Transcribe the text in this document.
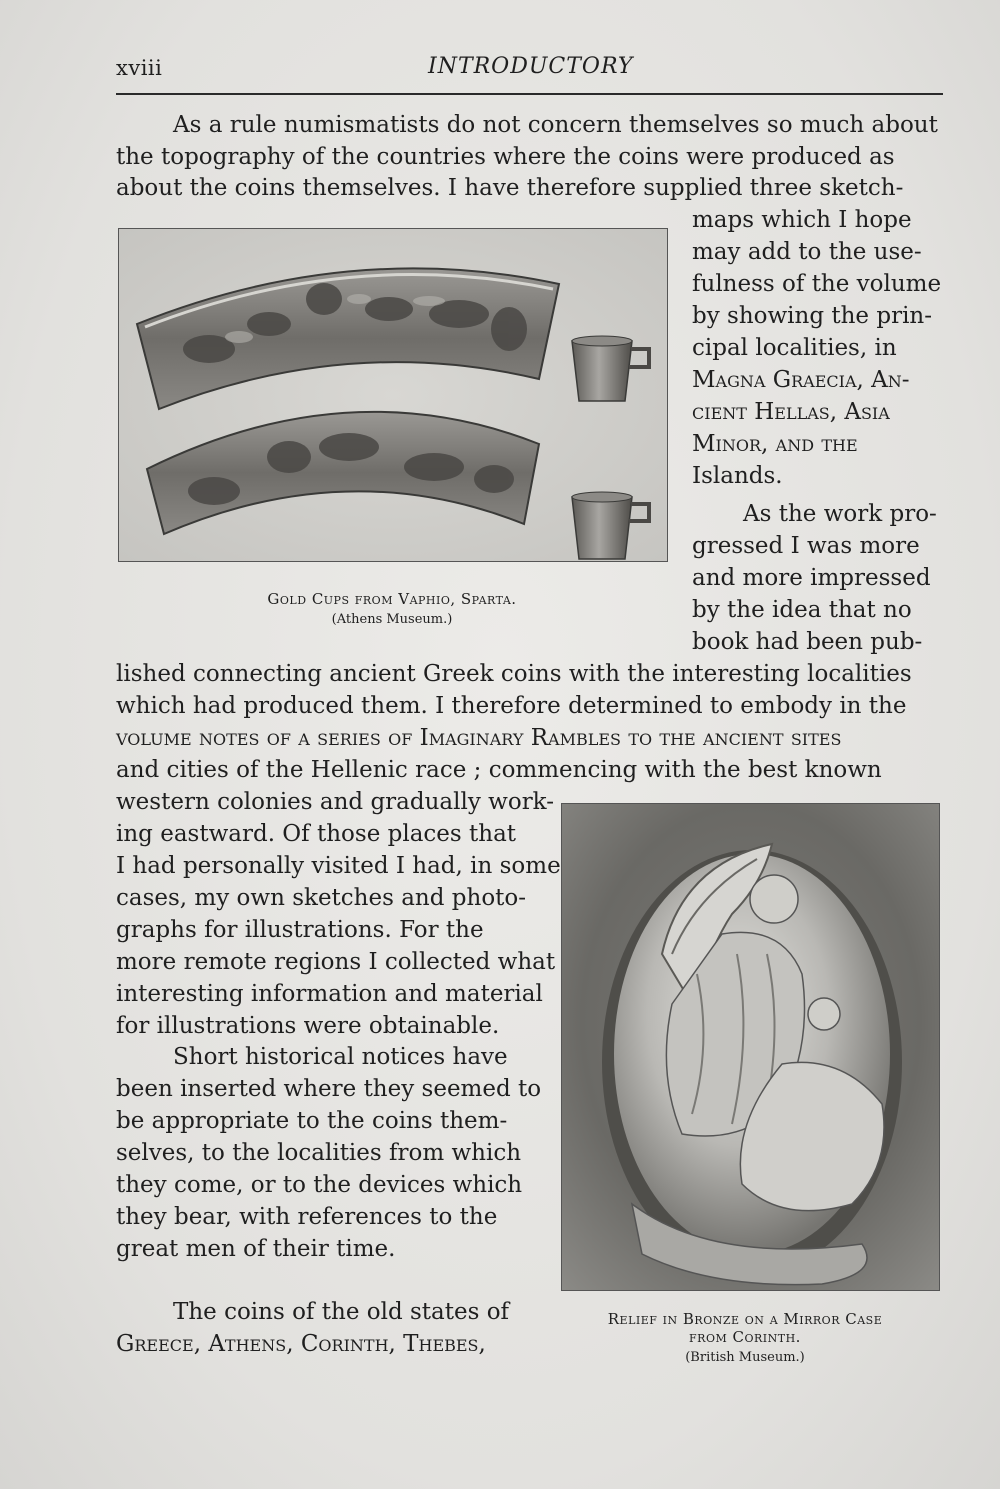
xviii	INTRODUCTORY
As a rule numismatists do not concern themselves so much about
the topography of the countries where the coins were produced as
about the coins themselves. I have therefore supplied three sketch-
maps which I hope
may add to the use-
fulness of the volume
by showing the prin-
cipal localities, in
Magna Graecia, An-
cient Hellas, Asia
Minor, and the
Islands.
As the work pro-
gressed I was more
and more impressed
by the idea that no
book had been pub-
lished connecting ancient Greek coins with the interesting localities
which had produced them. I therefore determined to embody in the
volume notes of a series of Imaginary Rambles to the ancient sites
and cities of the Hellenic race ; commencing with the best known
western colonies and gradually work-
ing eastward. Of those places that
I had personally visited I had, in some
cases, my own sketches and photo-
graphs for illustrations. For the
more remote regions I collected what
interesting information and material
for illustrations were obtainable.
Short historical notices have
been inserted where they seemed to
be appropriate to the coins them-
selves, to the localities from which
they come, or to the devices which
they bear, with references to the
great men of their time.
The coins of the old states of
Greece, Athens, Corinth, Thebes,
Gold Cups from Vaphio, Sparta.
(Athens Museum.)
Relief in Bronze on a Mirror Case
from Corinth.
(British Museum.)
